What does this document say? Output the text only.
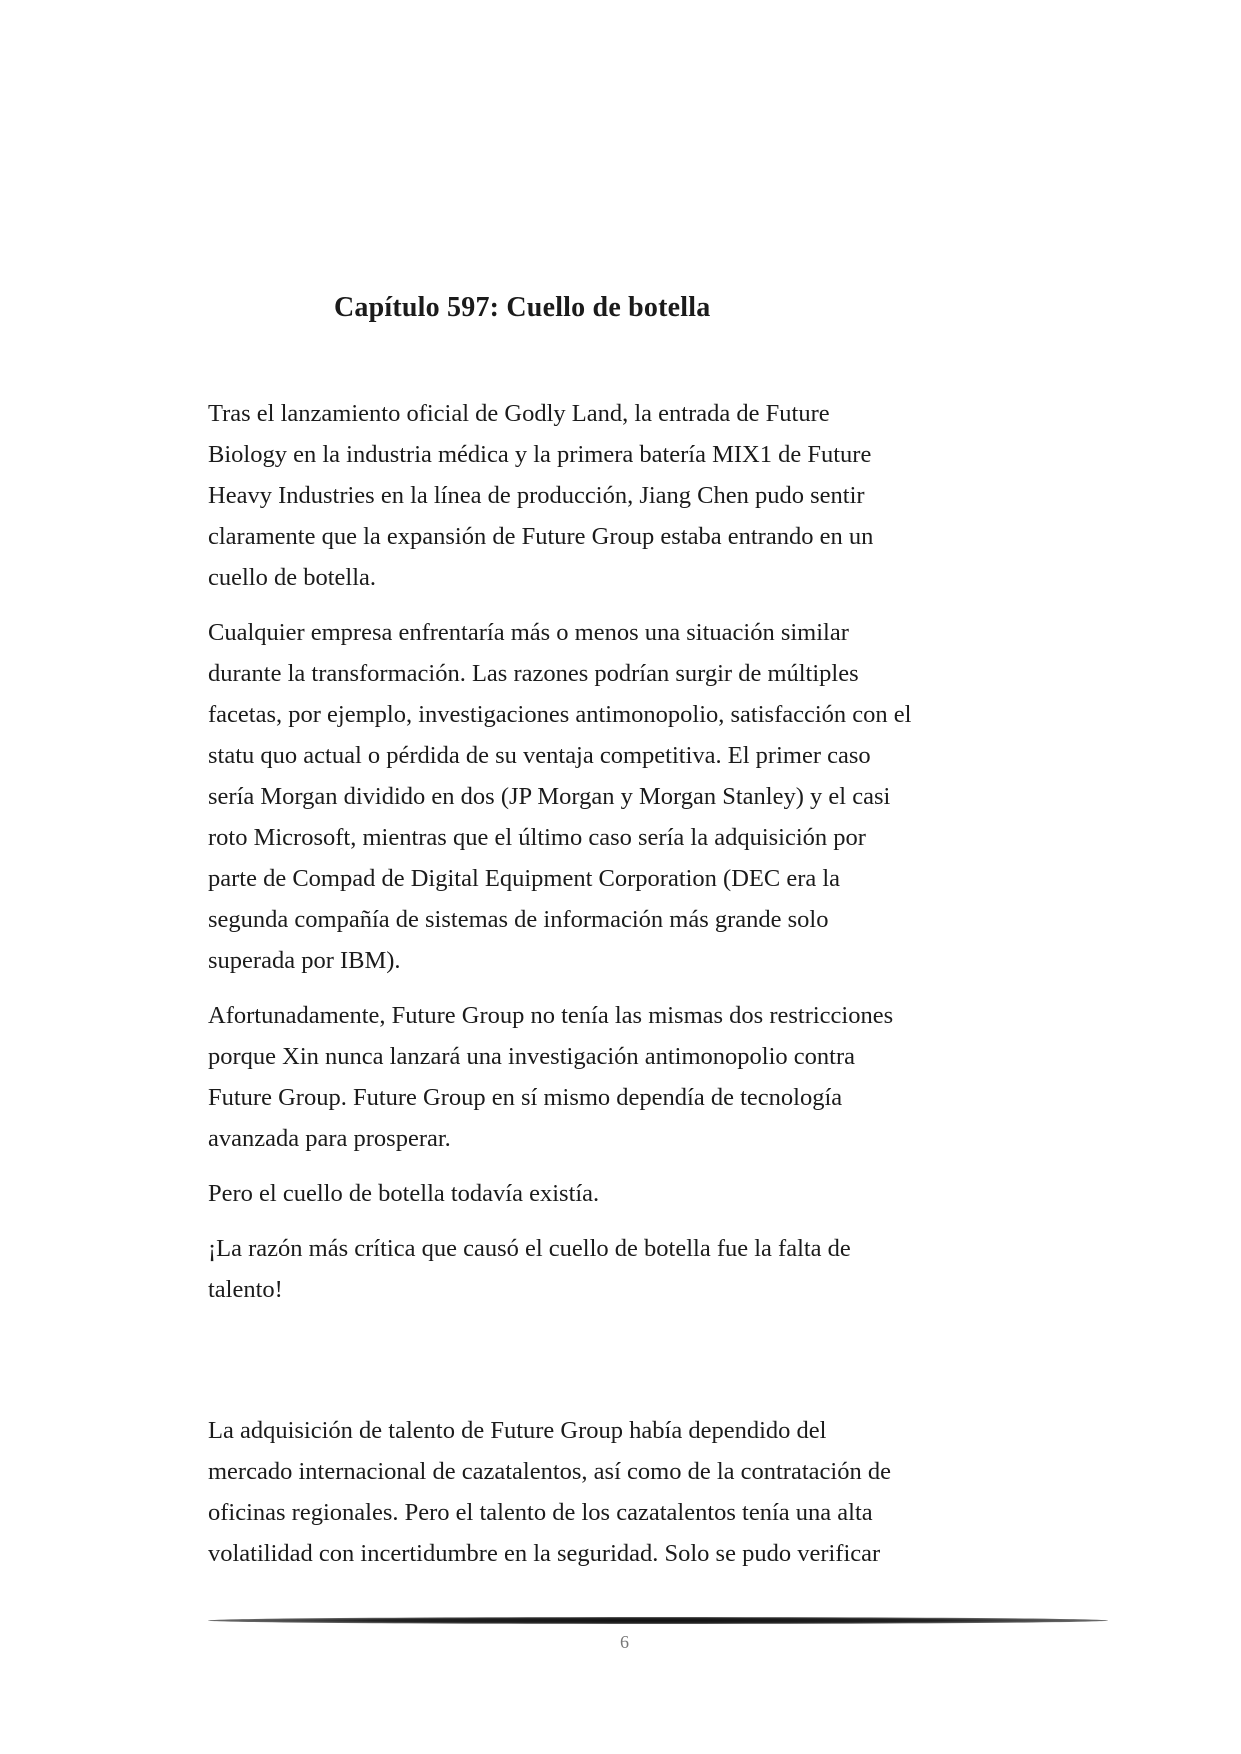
Capítulo 597: Cuello de botella

Tras el lanzamiento oficial de Godly Land, la entrada de Future
Biology en la industria médica y la primera batería MIX1 de Future
Heavy Industries en la línea de producción, Jiang Chen pudo sentir
claramente que la expansión de Future Group estaba entrando en un
cuello de botella.

Cualquier empresa enfrentaría más o menos una situación similar
durante la transformación. Las razones podrían surgir de múltiples
facetas, por ejemplo, investigaciones antimonopolio, satisfacción con el
statu quo actual o pérdida de su ventaja competitiva. El primer caso
sería Morgan dividido en dos (JP Morgan y Morgan Stanley) y el casi
roto Microsoft, mientras que el último caso sería la adquisición por
parte de Compad de Digital Equipment Corporation (DEC era la
segunda compañía de sistemas de información más grande solo
superada por IBM).

Afortunadamente, Future Group no tenía las mismas dos restricciones
porque Xin nunca lanzará una investigación antimonopolio contra
Future Group. Future Group en sí mismo dependía de tecnología
avanzada para prosperar.

Pero el cuello de botella todavía existía.

¡La razón más crítica que causó el cuello de botella fue la falta de
talento!

La adquisición de talento de Future Group había dependido del
mercado internacional de cazatalentos, así como de la contratación de
oficinas regionales. Pero el talento de los cazatalentos tenía una alta
volatilidad con incertidumbre en la seguridad. Solo se pudo verificar

6
